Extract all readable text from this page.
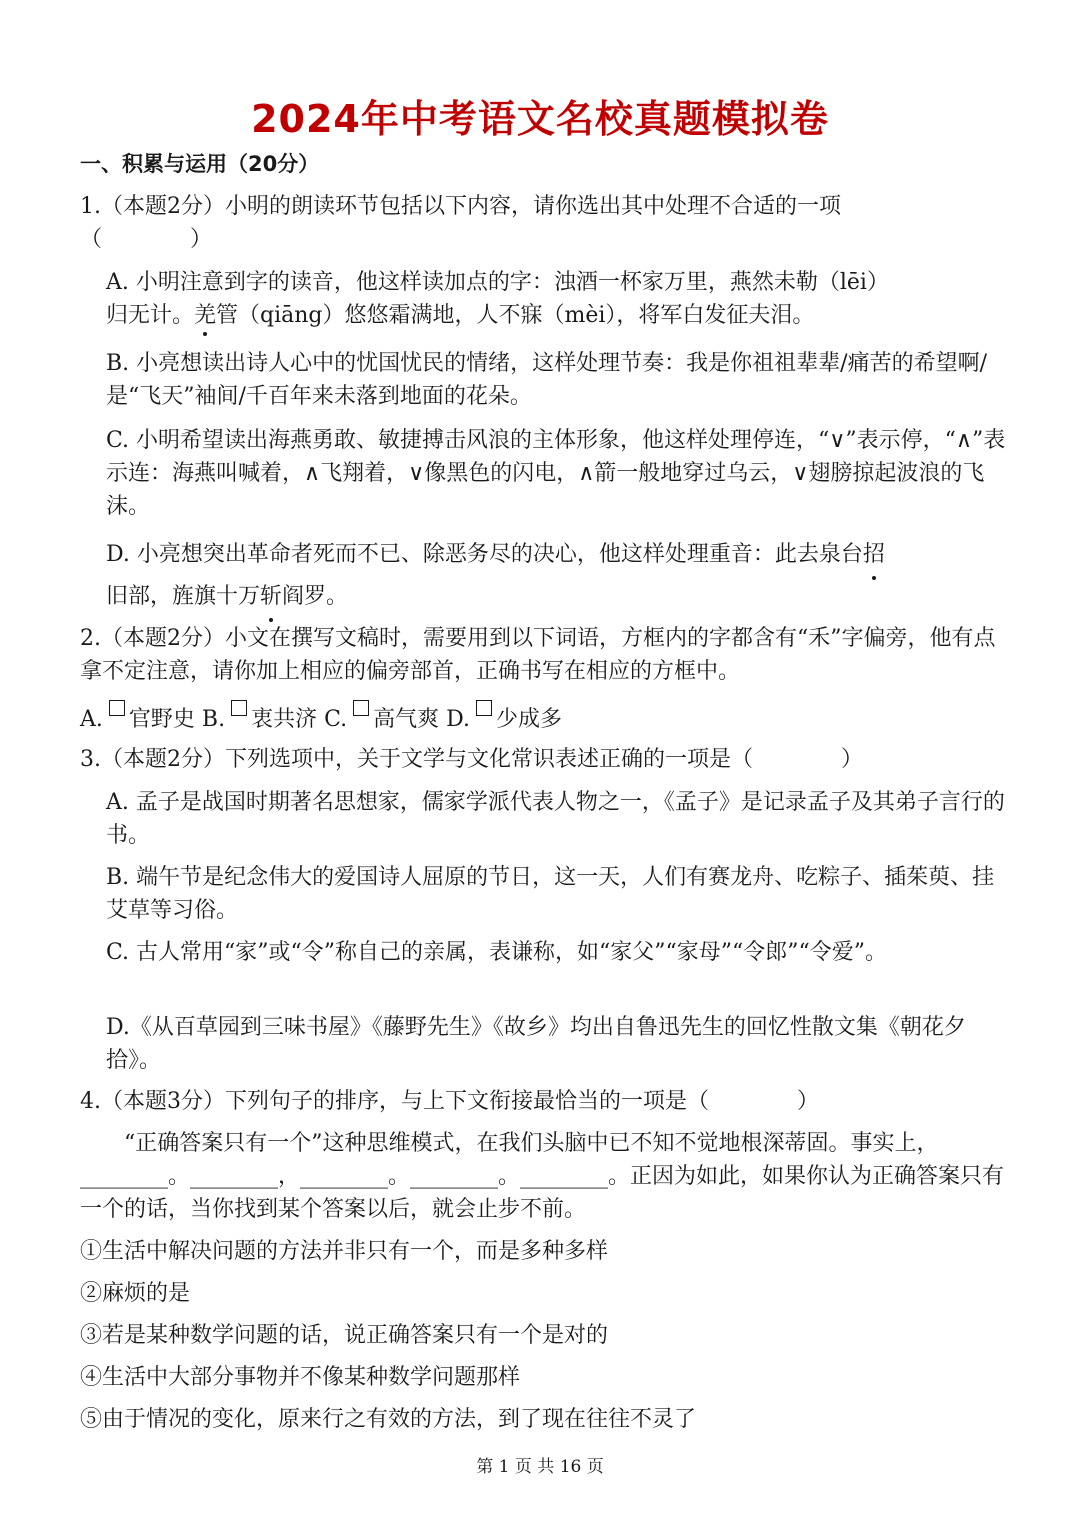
2024年中考语文名校真题模拟卷
一、积累与运用（20分）
1.（本题2分）小明的朗读环节包括以下内容，请你选出其中处理不合适的一项
（　　　　）
A. 小明注意到字的读音，他这样读加点的字：浊酒一杯家万里，燕然未勒（lēi）
归无计。羌管（qiāng）悠悠霜满地，人不寐（mèi），将军白发征夫泪。
B. 小亮想读出诗人心中的忧国忧民的情绪，这样处理节奏：我是你祖祖辈辈/痛苦的希望啊/是“飞天”袖间/千百年来未落到地面的花朵。
C. 小明希望读出海燕勇敢、敏捷搏击风浪的主体形象，他这样处理停连，“∨”表示停，“∧”表示连：海燕叫喊着，∧飞翔着，∨像黑色的闪电，∧箭一般地穿过乌云，∨翅膀掠起波浪的飞沫。
D. 小亮想突出革命者死而不已、除恶务尽的决心，他这样处理重音：此去泉台招
旧部，旌旗十万斩阎罗。
2.（本题2分）小文在撰写文稿时，需要用到以下词语，方框内的字都含有“禾”字偏旁，他有点拿不定注意，请你加上相应的偏旁部首，正确书写在相应的方框中。
A. 官野史 B. 衷共济 C. 高气爽 D. 少成多
3.（本题2分）下列选项中，关于文学与文化常识表述正确的一项是（　　　　）
A. 孟子是战国时期著名思想家，儒家学派代表人物之一，《孟子》是记录孟子及其弟子言行的书。
B. 端午节是纪念伟大的爱国诗人屈原的节日，这一天，人们有赛龙舟、吃粽子、插茱萸、挂艾草等习俗。
C. 古人常用“家”或“令”称自己的亲属，表谦称，如“家父”“家母”“令郎”“令爱”。
D.《从百草园到三味书屋》《藤野先生》《故乡》均出自鲁迅先生的回忆性散文集《朝花夕拾》。
4.（本题3分）下列句子的排序，与上下文衔接最恰当的一项是（　　　　）
“正确答案只有一个”这种思维模式，在我们头脑中已不知不觉地根深蒂固。事实上，________。________，________。________。________。正因为如此，如果你认为正确答案只有一个的话，当你找到某个答案以后，就会止步不前。
①生活中解决问题的方法并非只有一个，而是多种多样
②麻烦的是
③若是某种数学问题的话，说正确答案只有一个是对的
④生活中大部分事物并不像某种数学问题那样
⑤由于情况的变化，原来行之有效的方法，到了现在往往不灵了
第 1 页 共 16 页
